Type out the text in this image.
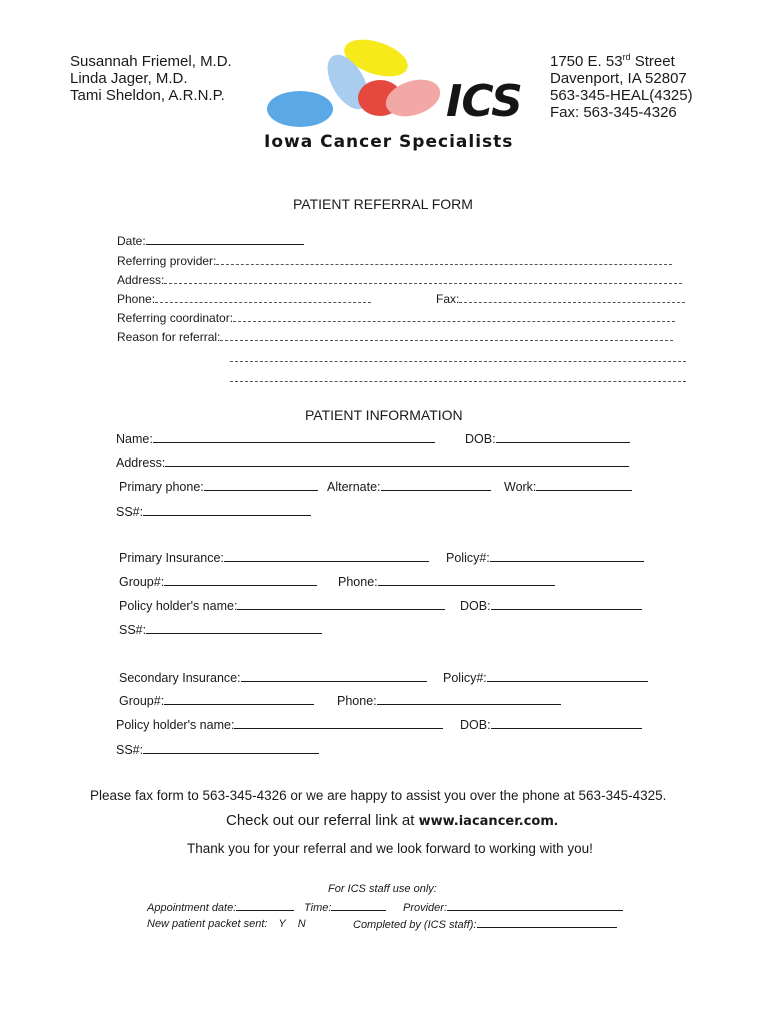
Susannah Friemel, M.D.
Linda Jager, M.D.
Tami Sheldon, A.R.N.P.	ICS
Iowa Cancer Specialists
1750 E. 53rd Street
Davenport, IA 52807
563-345-HEAL(4325)
Fax: 563-345-4326
PATIENT REFERRAL FORM
Date:
Referring provider:
Address:
Phone:	Fax:
Referring coordinator:
Reason for referral:
PATIENT INFORMATION
Name:	DOB:
Address:
Primary phone:	Alternate:	Work:
SS#:
Primary Insurance:	Policy#:
Group#:	Phone:
Policy holder's name:	DOB:
SS#:
Secondary Insurance:	Policy#:
Group#:	Phone:
Policy holder's name:	DOB:
SS#:
Please fax form to 563-345-4326 or we are happy to assist you over the phone at 563-345-4325.
Check out our referral link at www.iacancer.com.
Thank you for your referral and we look forward to working with you!
For ICS staff use only:
Appointment date:	Time:	Provider:
New patient packet sent: Y N	Completed by (ICS staff):
